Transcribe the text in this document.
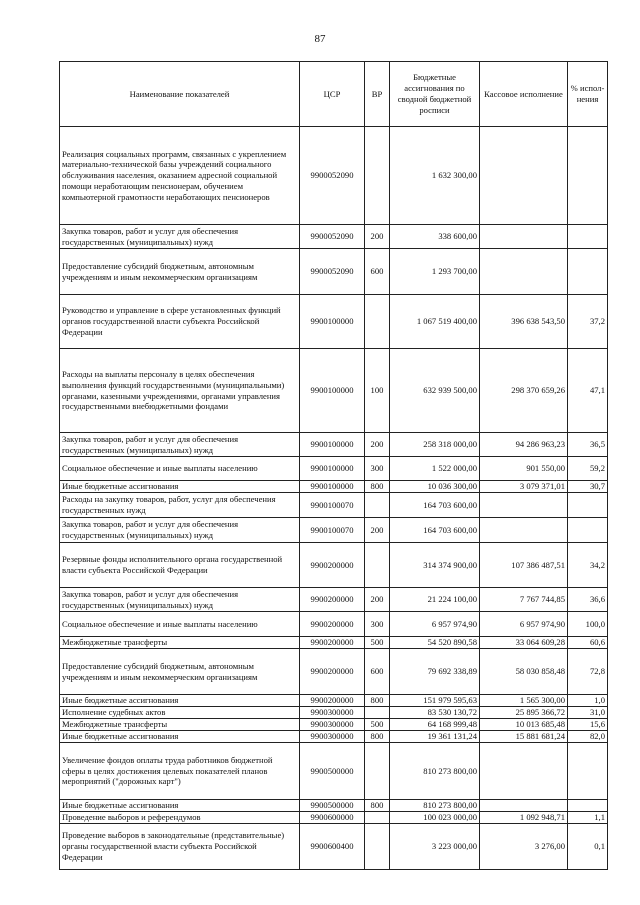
87
Наименование показателей	ЦСР	ВР	Бюджетные ассигнования по сводной бюджетной росписи	Кассовое исполнение	% испол-нения
Реализация социальных программ, связанных с укреплением материально-технической базы учреждений социального обслуживания населения, оказанием адресной социальной помощи неработающим пенсионерам, обучением компьютерной грамотности неработающих пенсионеров	9900052090		1 632 300,00		
Закупка товаров, работ и услуг для обеспечения государственных (муниципальных) нужд	9900052090	200	338 600,00		
Предоставление субсидий бюджетным, автономным учреждениям и иным некоммерческим организациям	9900052090	600	1 293 700,00		
Руководство и управление в сфере установленных функций органов государственной власти субъекта Российской Федерации	9900100000		1 067 519 400,00	396 638 543,50	37,2
Расходы на выплаты персоналу в целях обеспечения выполнения функций государственными (муниципальными) органами, казенными учреждениями, органами управления государственными внебюджетными фондами	9900100000	100	632 939 500,00	298 370 659,26	47,1
Закупка товаров, работ и услуг для обеспечения государственных (муниципальных) нужд	9900100000	200	258 318 000,00	94 286 963,23	36,5
Социальное обеспечение и иные выплаты населению	9900100000	300	1 522 000,00	901 550,00	59,2
Иные бюджетные ассигнования	9900100000	800	10 036 300,00	3 079 371,01	30,7
Расходы на закупку товаров, работ, услуг для обеспечения государственных нужд	9900100070		164 703 600,00		
Закупка товаров, работ и услуг для обеспечения государственных (муниципальных) нужд	9900100070	200	164 703 600,00		
Резервные фонды исполнительного органа государственной власти субъекта Российской Федерации	9900200000		314 374 900,00	107 386 487,51	34,2
Закупка товаров, работ и услуг для обеспечения государственных (муниципальных) нужд	9900200000	200	21 224 100,00	7 767 744,85	36,6
Социальное обеспечение и иные выплаты населению	9900200000	300	6 957 974,90	6 957 974,90	100,0
Межбюджетные трансферты	9900200000	500	54 520 890,58	33 064 609,28	60,6
Предоставление субсидий бюджетным, автономным учреждениям и иным некоммерческим организациям	9900200000	600	79 692 338,89	58 030 858,48	72,8
Иные бюджетные ассигнования	9900200000	800	151 979 595,63	1 565 300,00	1,0
Исполнение судебных актов	9900300000		83 530 130,72	25 895 366,72	31,0
Межбюджетные трансферты	9900300000	500	64 168 999,48	10 013 685,48	15,6
Иные бюджетные ассигнования	9900300000	800	19 361 131,24	15 881 681,24	82,0
Увеличение фондов оплаты труда работников бюджетной сферы в целях достижения целевых показателей планов мероприятий ("дорожных карт")	9900500000		810 273 800,00		
Иные бюджетные ассигнования	9900500000	800	810 273 800,00		
Проведение выборов и референдумов	9900600000		100 023 000,00	1 092 948,71	1,1
Проведение выборов в законодательные (представительные) органы государственной власти субъекта Российской Федерации	9900600400		3 223 000,00	3 276,00	0,1
